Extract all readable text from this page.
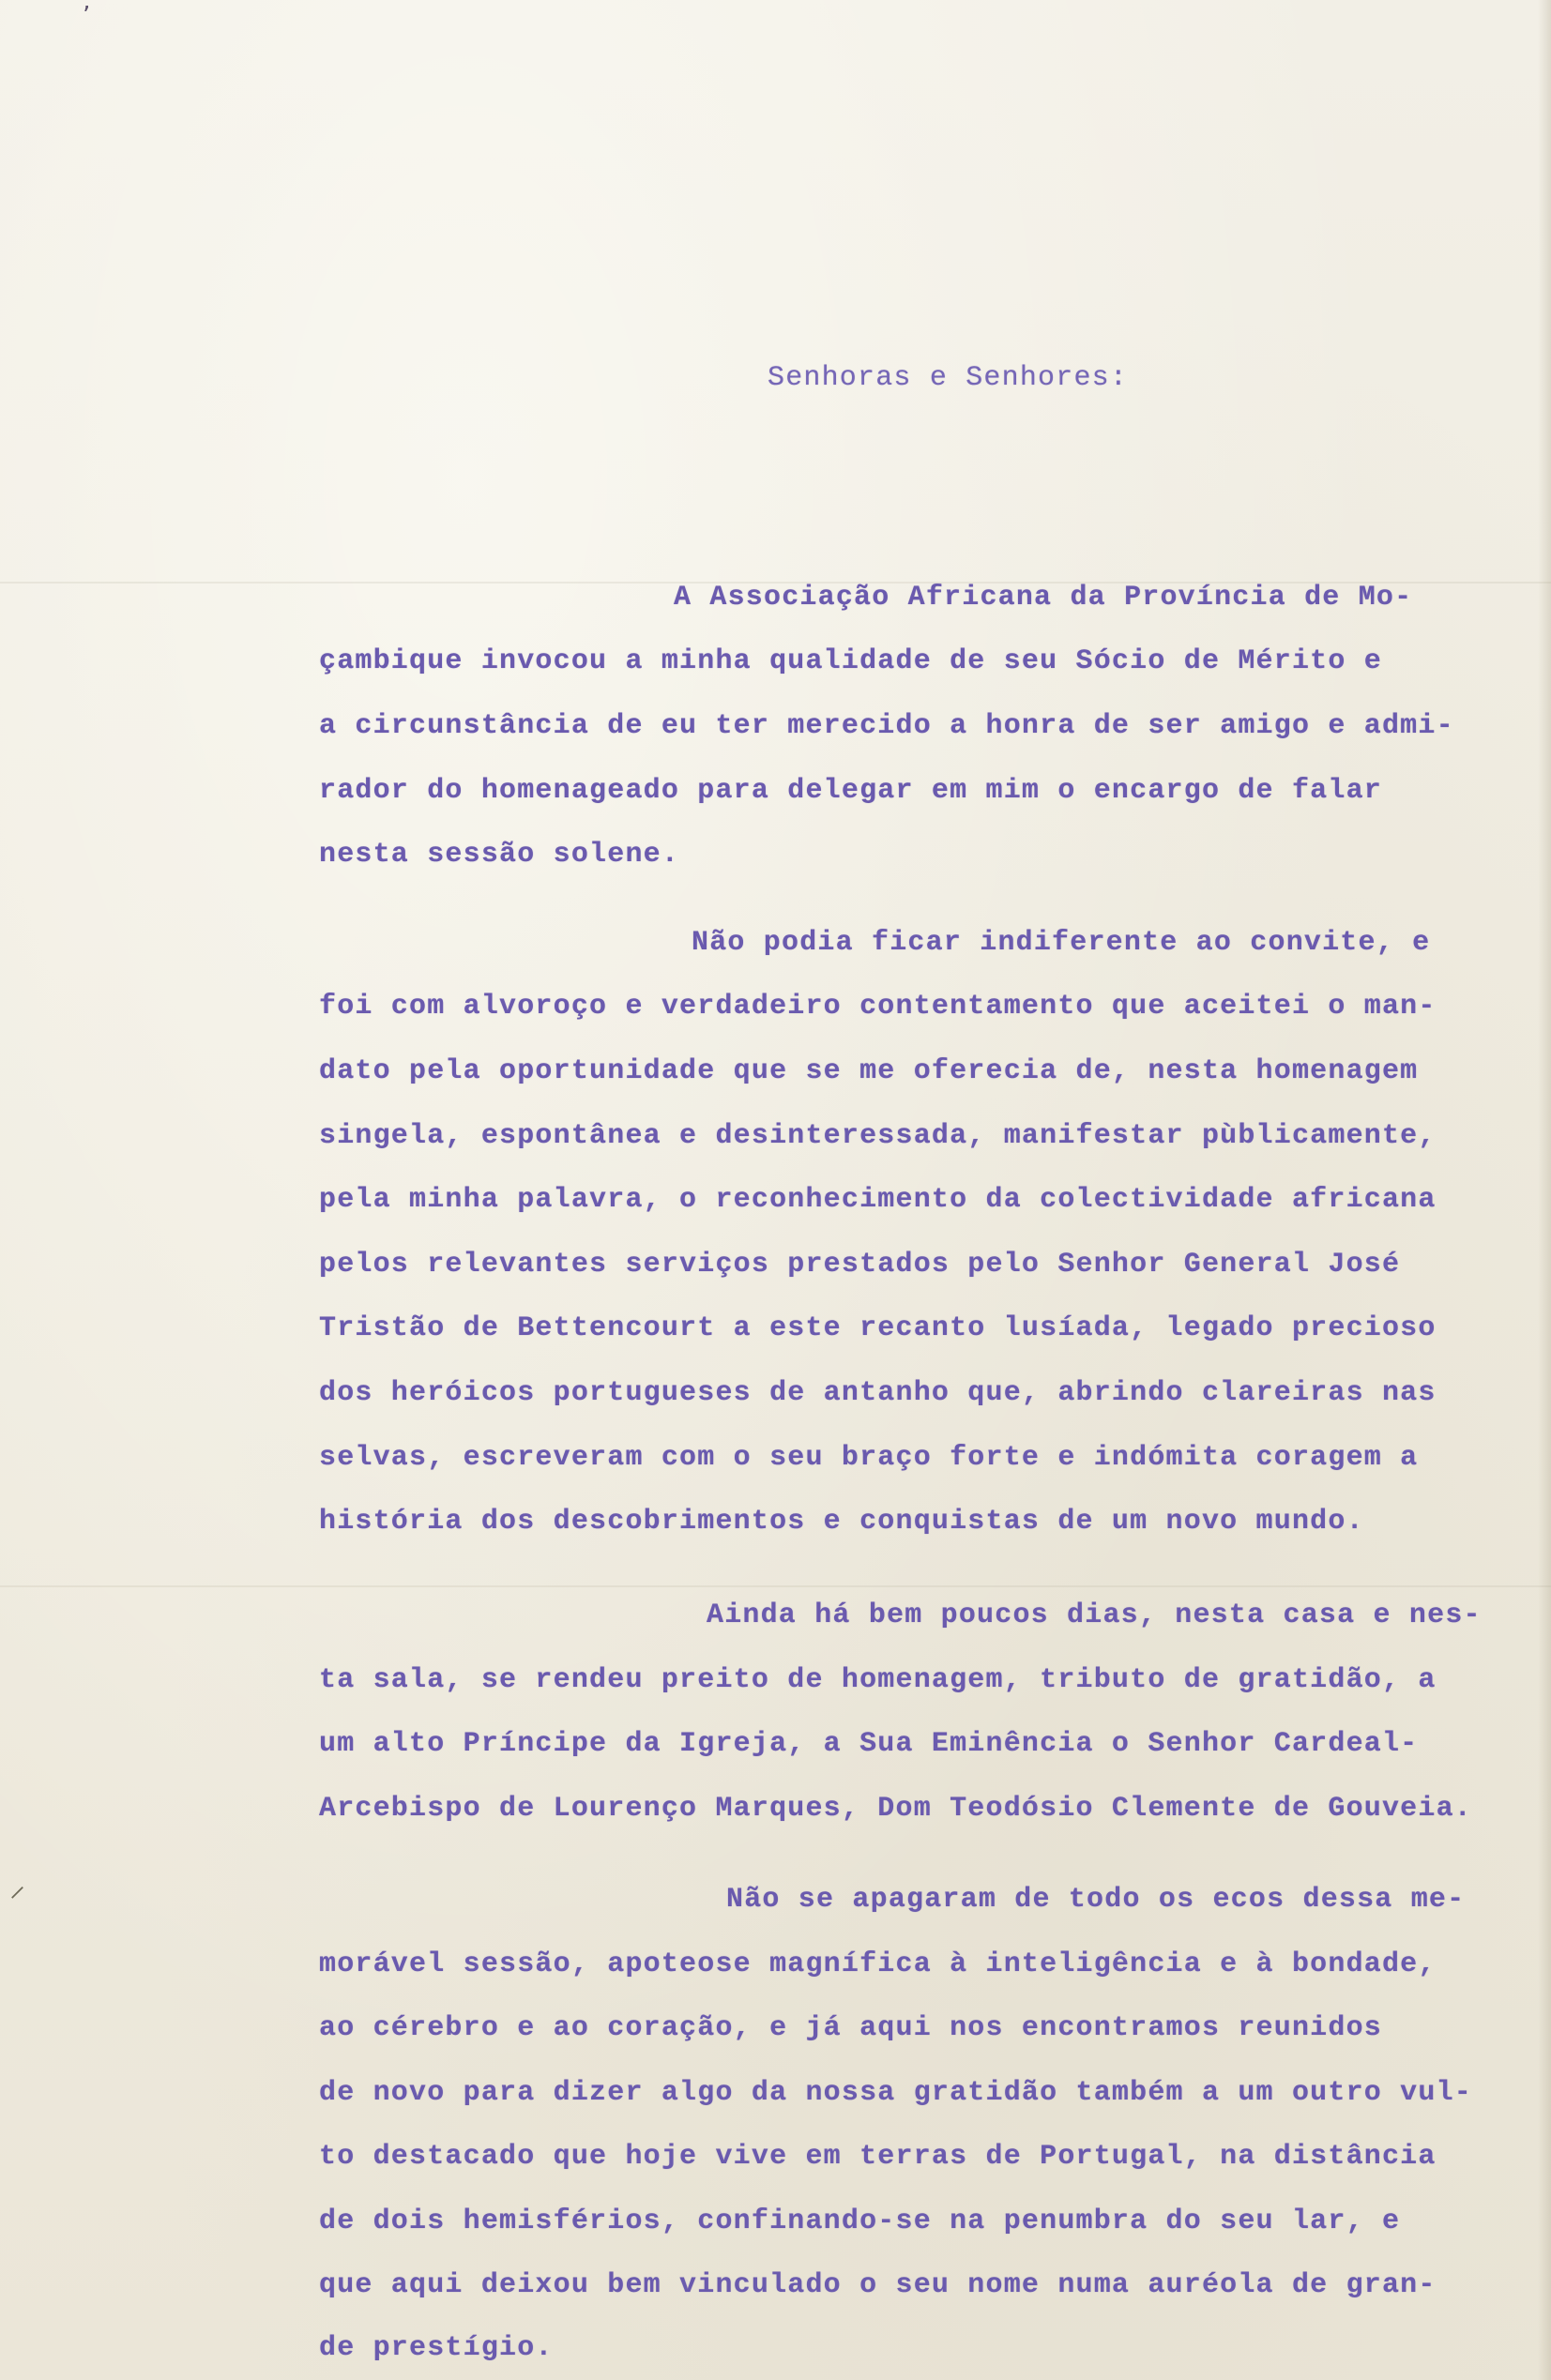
ʼ
⸝
Senhoras e Senhores:
A Associação Africana da Província de Mo-
çambique invocou a minha qualidade de seu Sócio de Mérito e
a circunstância de eu ter merecido a honra de ser amigo e admi-
rador do homenageado para delegar em mim o encargo de falar
nesta sessão solene.
Não podia ficar indiferente ao convite, e
foi com alvoroço e verdadeiro contentamento que aceitei o man-
dato pela oportunidade que se me oferecia de, nesta homenagem
singela, espontânea e desinteressada, manifestar pùblicamente,
pela minha palavra, o reconhecimento da colectividade africana
pelos relevantes serviços prestados pelo Senhor General José
Tristão de Bettencourt a este recanto lusíada, legado precioso
dos heróicos portugueses de antanho que, abrindo clareiras nas
selvas, escreveram com o seu braço forte e indómita coragem a
história dos descobrimentos e conquistas de um novo mundo.
Ainda há bem poucos dias, nesta casa e nes-
ta sala, se rendeu preito de homenagem, tributo de gratidão, a
um alto Príncipe da Igreja, a Sua Eminência o Senhor Cardeal-
Arcebispo de Lourenço Marques, Dom Teodósio Clemente de Gouveia.
Não se apagaram de todo os ecos dessa me-
morável sessão, apoteose magnífica à inteligência e à bondade,
ao cérebro e ao coração, e já aqui nos encontramos reunidos
de novo para dizer algo da nossa gratidão também a um outro vul-
to destacado que hoje vive em terras de Portugal, na distância
de dois hemisférios, confinando-se na penumbra do seu lar, e
que aqui deixou bem vinculado o seu nome numa auréola de gran-
de prestígio.
